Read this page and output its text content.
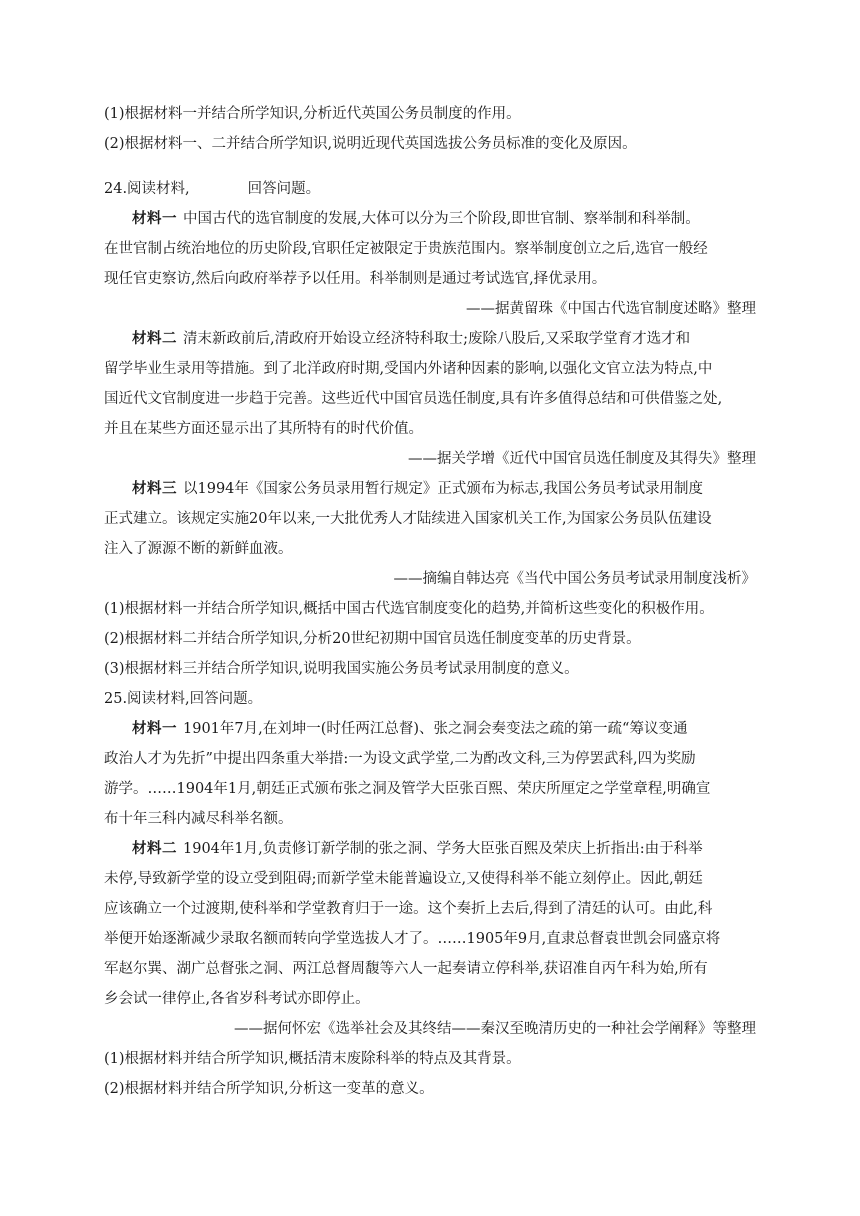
(1)根据材料一并结合所学知识,分析近代英国公务员制度的作用。
(2)根据材料一、二并结合所学知识,说明近现代英国选拔公务员标准的变化及原因。
24.阅读材料,	回答问题。
材料一 中国古代的选官制度的发展,大体可以分为三个阶段,即世官制、察举制和科举制。
在世官制占统治地位的历史阶段,官职任定被限定于贵族范围内。察举制度创立之后,选官一般经
现任官吏察访,然后向政府举荐予以任用。科举制则是通过考试选官,择优录用。
——据黄留珠《中国古代选官制度述略》整理
材料二 清末新政前后,清政府开始设立经济特科取士;废除八股后,又采取学堂育才选才和
留学毕业生录用等措施。到了北洋政府时期,受国内外诸种因素的影响,以强化文官立法为特点,中
国近代文官制度进一步趋于完善。这些近代中国官员选任制度,具有许多值得总结和可供借鉴之处,
并且在某些方面还显示出了其所特有的时代价值。
——据关学增《近代中国官员选任制度及其得失》整理
材料三 以1994年《国家公务员录用暂行规定》正式颁布为标志,我国公务员考试录用制度
正式建立。该规定实施20年以来,一大批优秀人才陆续进入国家机关工作,为国家公务员队伍建设
注入了源源不断的新鲜血液。
——摘编自韩达亮《当代中国公务员考试录用制度浅析》
(1)根据材料一并结合所学知识,概括中国古代选官制度变化的趋势,并简析这些变化的积极作用。
(2)根据材料二并结合所学知识,分析20世纪初期中国官员选任制度变革的历史背景。
(3)根据材料三并结合所学知识,说明我国实施公务员考试录用制度的意义。
25.阅读材料,回答问题。
材料一 1901年7月,在刘坤一(时任两江总督)、张之洞会奏变法之疏的第一疏“筹议变通
政治人才为先折”中提出四条重大举措:一为设文武学堂,二为酌改文科,三为停罢武科,四为奖励
游学。……1904年1月,朝廷正式颁布张之洞及管学大臣张百熙、荣庆所厘定之学堂章程,明确宣
布十年三科内减尽科举名额。
材料二 1904年1月,负责修订新学制的张之洞、学务大臣张百熙及荣庆上折指出:由于科举
未停,导致新学堂的设立受到阻碍;而新学堂未能普遍设立,又使得科举不能立刻停止。因此,朝廷
应该确立一个过渡期,使科举和学堂教育归于一途。这个奏折上去后,得到了清廷的认可。由此,科
举便开始逐渐减少录取名额而转向学堂选拔人才了。……1905年9月,直隶总督袁世凯会同盛京将
军赵尔巽、湖广总督张之洞、两江总督周馥等六人一起奏请立停科举,获诏准自丙午科为始,所有
乡会试一律停止,各省岁科考试亦即停止。
——据何怀宏《选举社会及其终结——秦汉至晚清历史的一种社会学阐释》等整理
(1)根据材料并结合所学知识,概括清末废除科举的特点及其背景。
(2)根据材料并结合所学知识,分析这一变革的意义。
